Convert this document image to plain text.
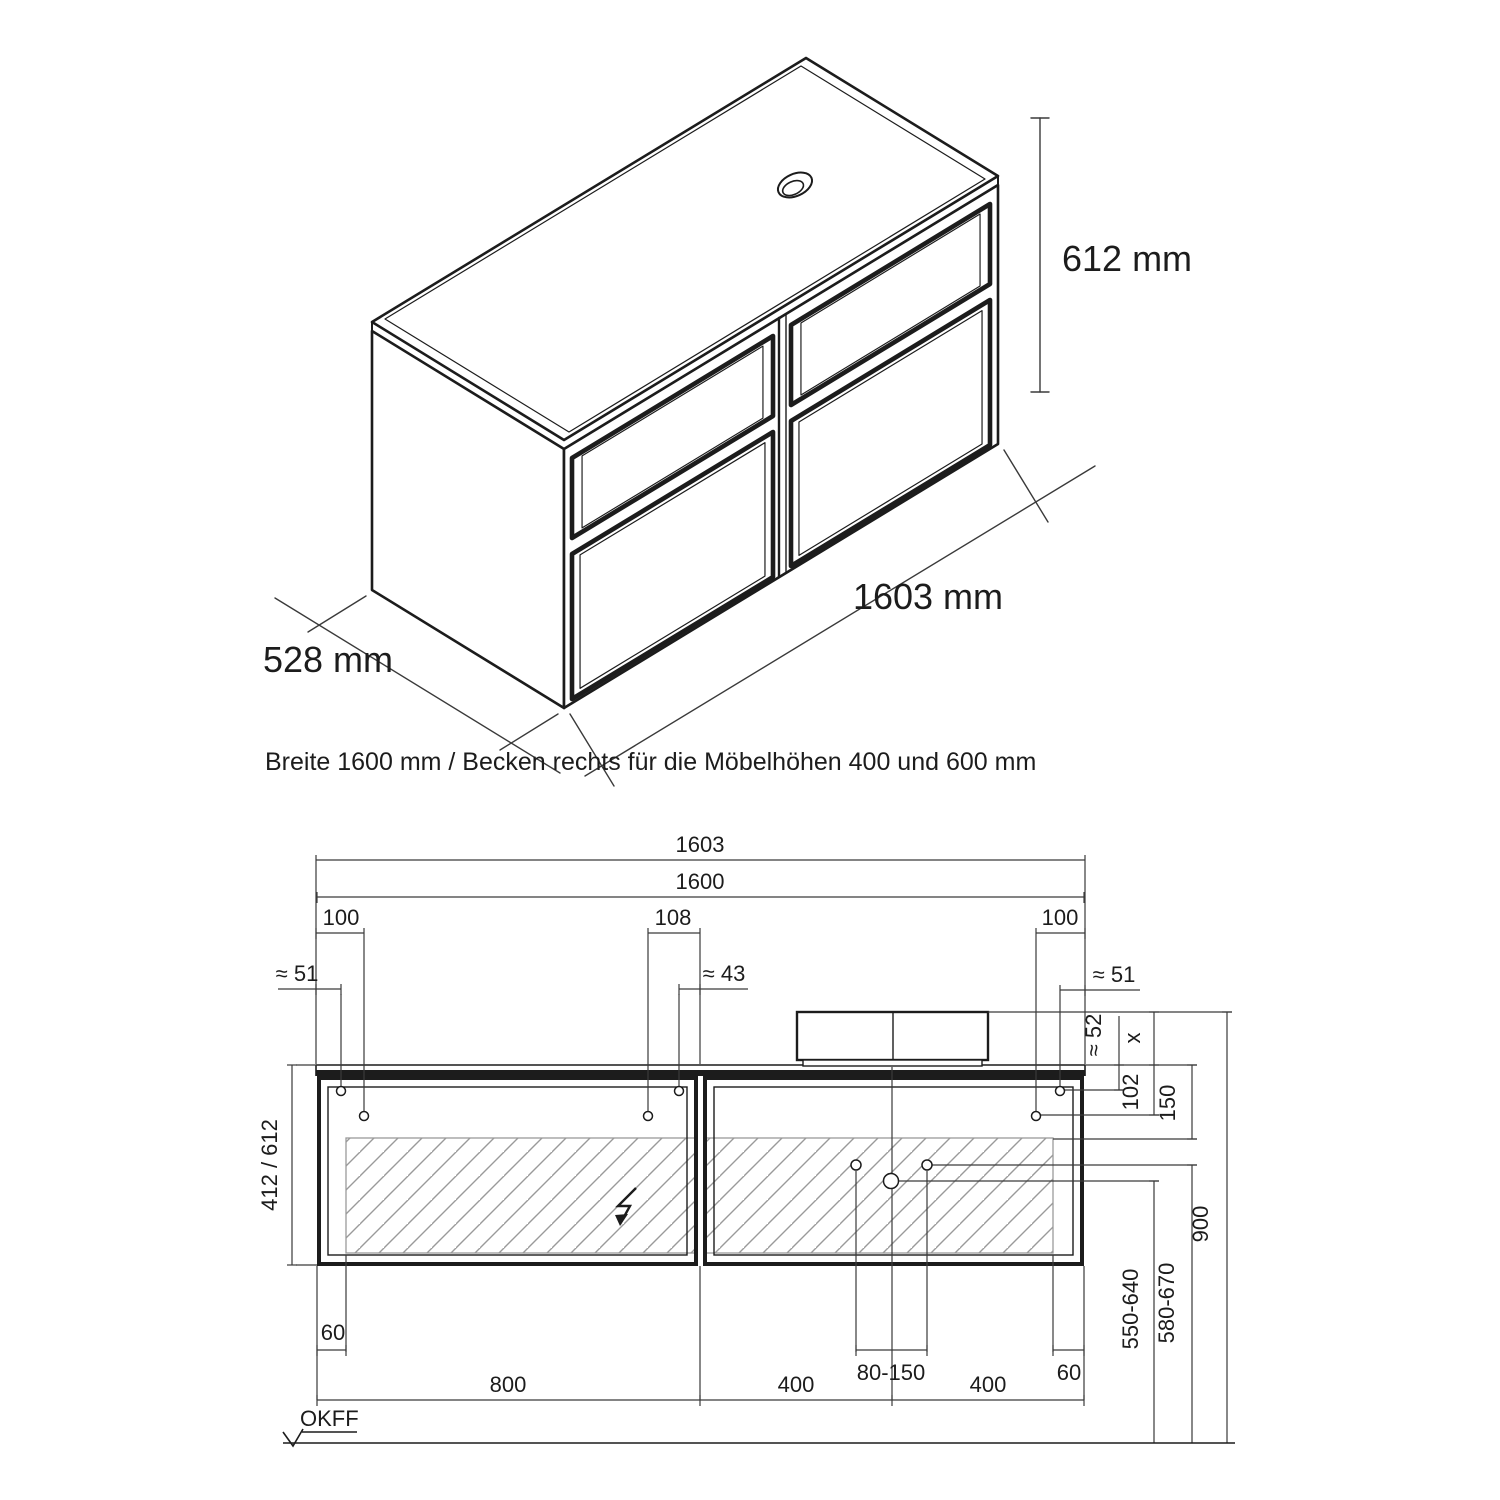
612 mm
1603 mm
528 mm
Breite 1600 mm / Becken rechts für die Möbelhöhen 400 und 600 mm
1603
1600
100	108	100
≈ 51	≈ 43	≈ 51
≈ 52 x
102 150
550-640 580-670
900
412 / 612
60
80-150	60
800	400	400
OKFF
